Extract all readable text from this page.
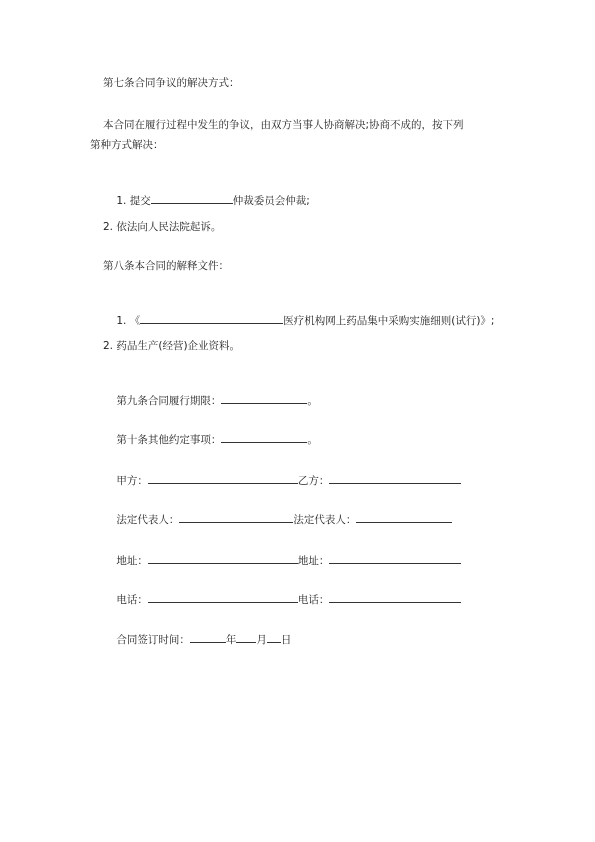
第七条合同争议的解决方式：
本合同在履行过程中发生的争议，由双方当事人协商解决;协商不成的，按下列
第种方式解决：

1. 提交	仲裁委员会仲裁;

2. 依法向人民法院起诉。
第八条本合同的解释文件：

1. 《	医疗机构网上药品集中采购实施细则(试行)》;

2. 药品生产(经营)企业资料。

第九条合同履行期限：	。

第十条其他约定事项：	。

甲方：	乙方：

法定代表人：	法定代表人：

地址：	地址：

电话：	电话：

合同签订时间：	年 月 日
